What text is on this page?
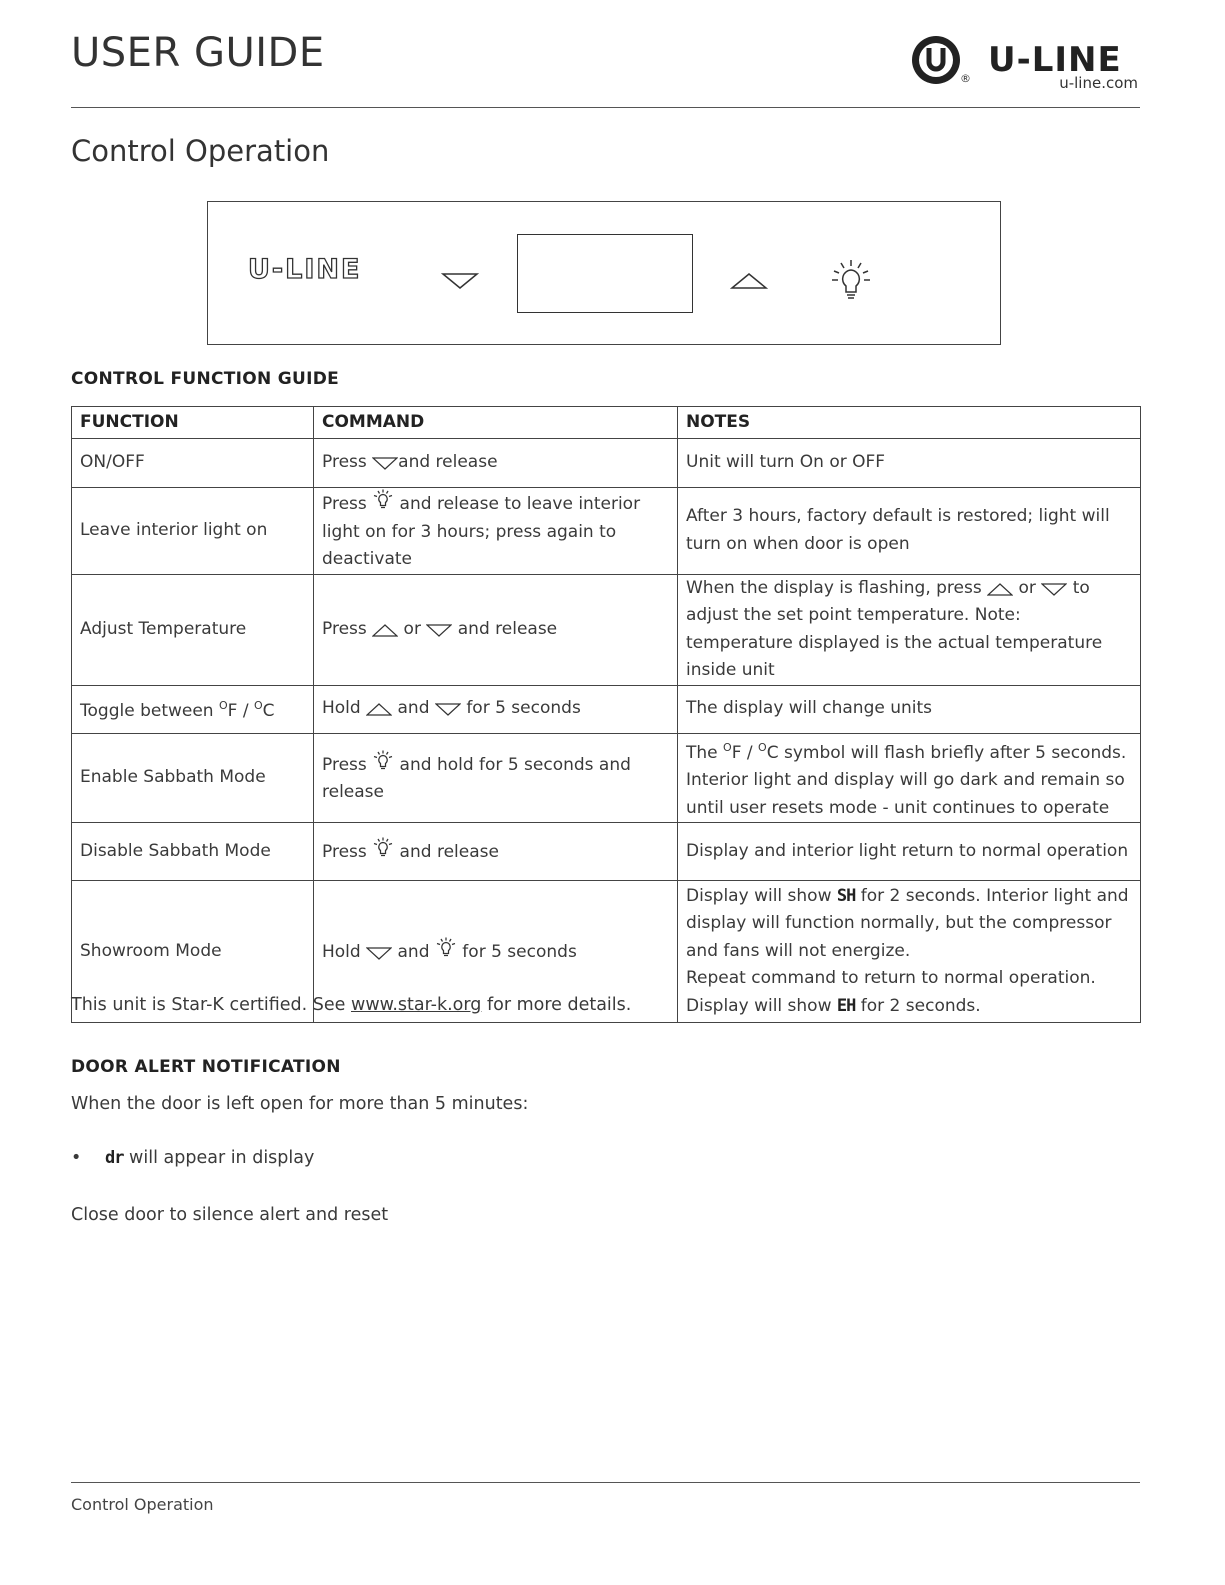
USER GUIDE
® U-LINE
u-line.com
Control Operation
U-LINE
CONTROL FUNCTION GUIDE
FUNCTION	COMMAND	NOTES
ON/OFF	Press and release	Unit will turn On or OFF
Leave interior light on	Press  and release to leave interior light on for 3 hours; press again to deactivate	After 3 hours, factory default is restored; light will turn on when door is open
Adjust Temperature	Press  or  and release	When the display is flashing, press  or  to adjust the set point temperature. Note: temperature displayed is the actual temperature inside unit
Toggle between $^O$F / $^O$C	Hold  and  for 5 seconds	The display will change units
Enable Sabbath Mode	Press  and hold for 5 seconds and release	The $^O$F / $^O$C symbol will flash briefly after 5 seconds. Interior light and display will go dark and remain so until user resets mode - unit continues to operate
Disable Sabbath Mode	Press  and release	Display and interior light return to normal operation
Showroom Mode	Hold  and  for 5 seconds	Display will show SH for 2 seconds. Interior light and display will function normally, but the compressor and fans will not energize.
Repeat command to return to normal operation.
Display will show EH for 2 seconds.

This unit is Star-K certified. See www.star-k.org for more details.

DOOR ALERT NOTIFICATION

When the door is left open for more than 5 minutes:

• dr will appear in display

Close door to silence alert and reset

Control Operation
